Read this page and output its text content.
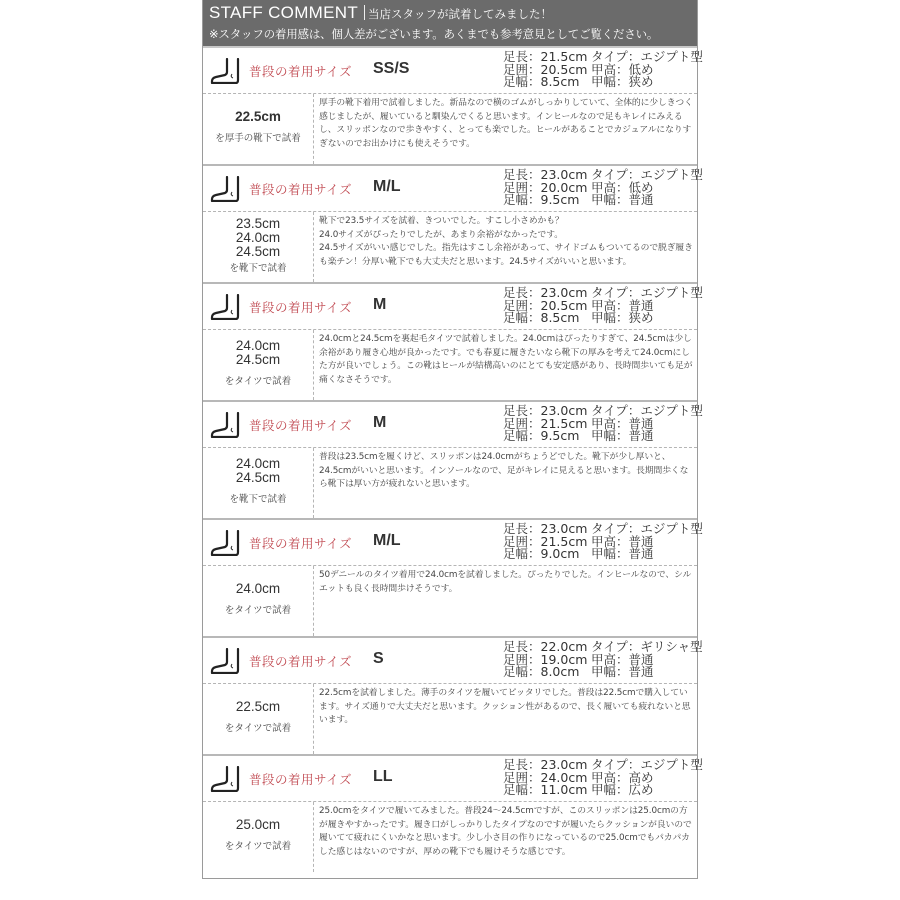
STAFF COMMENT 当店スタッフが試着してみました！
※スタッフの着用感は、個人差がございます。あくまでも参考意見としてご覧ください。
普段の着用サイズ SS/S
足長：21.5cm タイプ：エジプト型
足囲：20.5cm 甲高：低め
足幅：8.5cm 甲幅：狭め
22.5cm
を厚手の靴下で試着
厚手の靴下着用で試着しました。新品なので横のゴムがしっかりしていて、全体的に少しきつく感じましたが、履いていると馴染んでくると思います。インヒールなので足もキレイにみえるし、スリッポンなので歩きやすく、とっても楽でした。ヒールがあることでカジュアルになりすぎないのでお出かけにも使えそうです。
普段の着用サイズ M/L
足長：23.0cm タイプ：エジプト型
足囲：20.0cm 甲高：低め
足幅：9.5cm 甲幅：普通
23.5cm
24.0cm
24.5cm
を靴下で試着
靴下で23.5サイズを試着、きついでした。すこし小さめかも？
24.0サイズがぴったりでしたが、あまり余裕がなかったです。
24.5サイズがいい感じでした。指先はすこし余裕があって、サイドゴムもついてるので脱ぎ履きも楽チン！分厚い靴下でも大丈夫だと思います。24.5サイズがいいと思います。
普段の着用サイズ M
足長：23.0cm タイプ：エジプト型
足囲：20.5cm 甲高：普通
足幅：8.5cm 甲幅：狭め
24.0cm
24.5cm
をタイツで試着
24.0cmと24.5cmを裏起毛タイツで試着しました。24.0cmはぴったりすぎて、24.5cmは少し余裕があり履き心地が良かったです。でも春夏に履きたいなら靴下の厚みを考えて24.0cmにした方が良いでしょう。この靴はヒールが結構高いのにとても安定感があり、長時間歩いても足が痛くなさそうです。
普段の着用サイズ M
足長：23.0cm タイプ：エジプト型
足囲：21.5cm 甲高：普通
足幅：9.5cm 甲幅：普通
24.0cm
24.5cm
を靴下で試着
普段は23.5cmを履くけど、スリッポンは24.0cmがちょうどでした。靴下が少し厚いと、24.5cmがいいと思います。インソールなので、足がキレイに見えると思います。長期間歩くなら靴下は厚い方が疲れないと思います。
普段の着用サイズ M/L
足長：23.0cm タイプ：エジプト型
足囲：21.5cm 甲高：普通
足幅：9.0cm 甲幅：普通
24.0cm
をタイツで試着
50デニールのタイツ着用で24.0cmを試着しました。ぴったりでした。インヒールなので、シルエットも良く長時間歩けそうです。
普段の着用サイズ S
足長：22.0cm タイプ：ギリシャ型
足囲：19.0cm 甲高：普通
足幅：8.0cm 甲幅：普通
22.5cm
をタイツで試着
22.5cmを試着しました。薄手のタイツを履いてピッタリでした。普段は22.5cmで購入しています。サイズ通りで大丈夫だと思います。クッション性があるので、長く履いても疲れないと思います。
普段の着用サイズ LL
足長：23.0cm タイプ：エジプト型
足囲：24.0cm 甲高：高め
足幅：11.0cm 甲幅：広め
25.0cm
をタイツで試着
25.0cmをタイツで履いてみました。普段24〜24.5cmですが、このスリッポンは25.0cmの方が履きやすかったです。履き口がしっかりしたタイプなのですが履いたらクッションが良いので履いてて疲れにくいかなと思います。少し小さ目の作りになっているので25.0cmでもパカパカした感じはないのですが、厚めの靴下でも履けそうな感じです。
